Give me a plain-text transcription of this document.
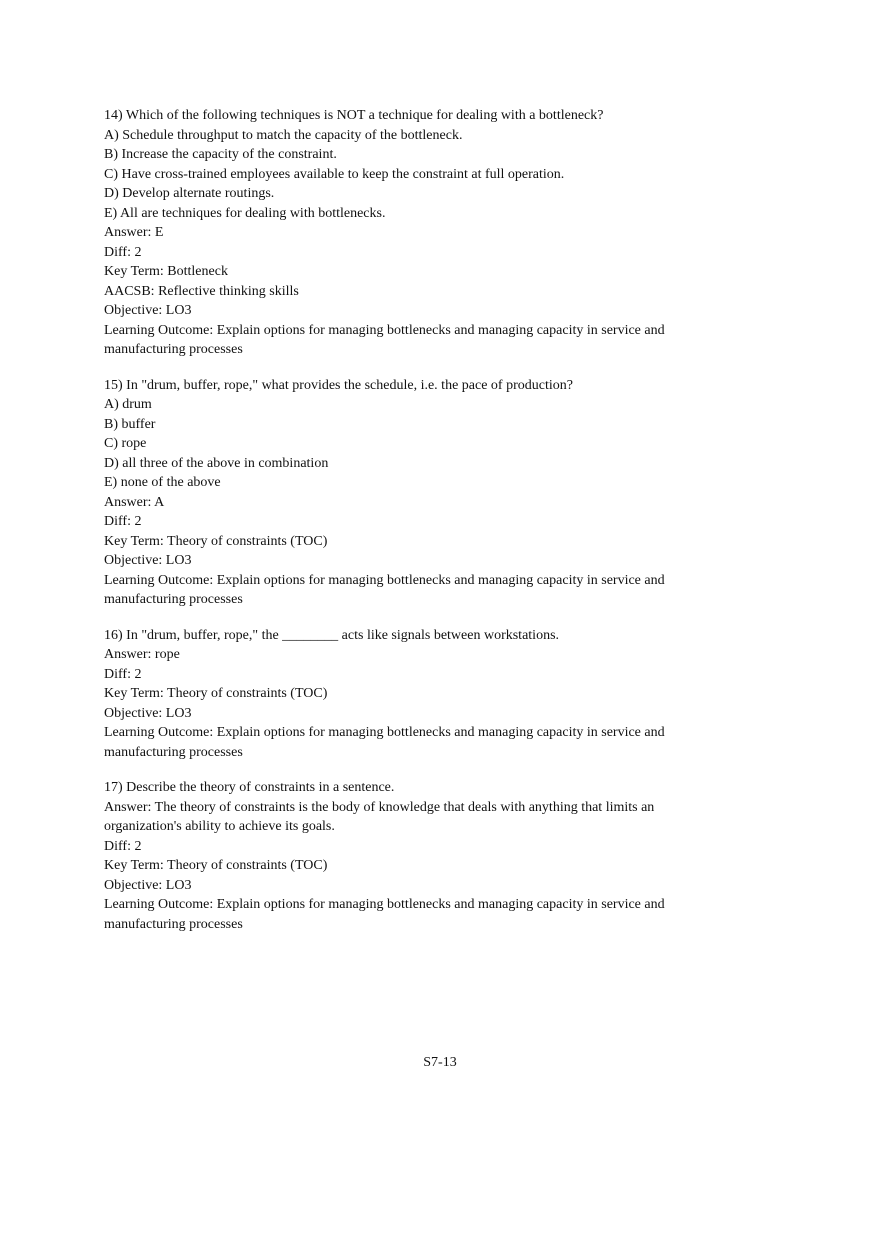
14) Which of the following techniques is NOT a technique for dealing with a bottleneck?
A) Schedule throughput to match the capacity of the bottleneck.
B) Increase the capacity of the constraint.
C) Have cross-trained employees available to keep the constraint at full operation.
D) Develop alternate routings.
E) All are techniques for dealing with bottlenecks.
Answer: E
Diff: 2
Key Term: Bottleneck
AACSB: Reflective thinking skills
Objective: LO3
Learning Outcome: Explain options for managing bottlenecks and managing capacity in service and manufacturing processes
15) In "drum, buffer, rope," what provides the schedule, i.e. the pace of production?
A) drum
B) buffer
C) rope
D) all three of the above in combination
E) none of the above
Answer: A
Diff: 2
Key Term: Theory of constraints (TOC)
Objective: LO3
Learning Outcome: Explain options for managing bottlenecks and managing capacity in service and manufacturing processes
16) In "drum, buffer, rope," the ________ acts like signals between workstations.
Answer: rope
Diff: 2
Key Term: Theory of constraints (TOC)
Objective: LO3
Learning Outcome: Explain options for managing bottlenecks and managing capacity in service and manufacturing processes
17) Describe the theory of constraints in a sentence.
Answer: The theory of constraints is the body of knowledge that deals with anything that limits an organization's ability to achieve its goals.
Diff: 2
Key Term: Theory of constraints (TOC)
Objective: LO3
Learning Outcome: Explain options for managing bottlenecks and managing capacity in service and manufacturing processes
S7-13
